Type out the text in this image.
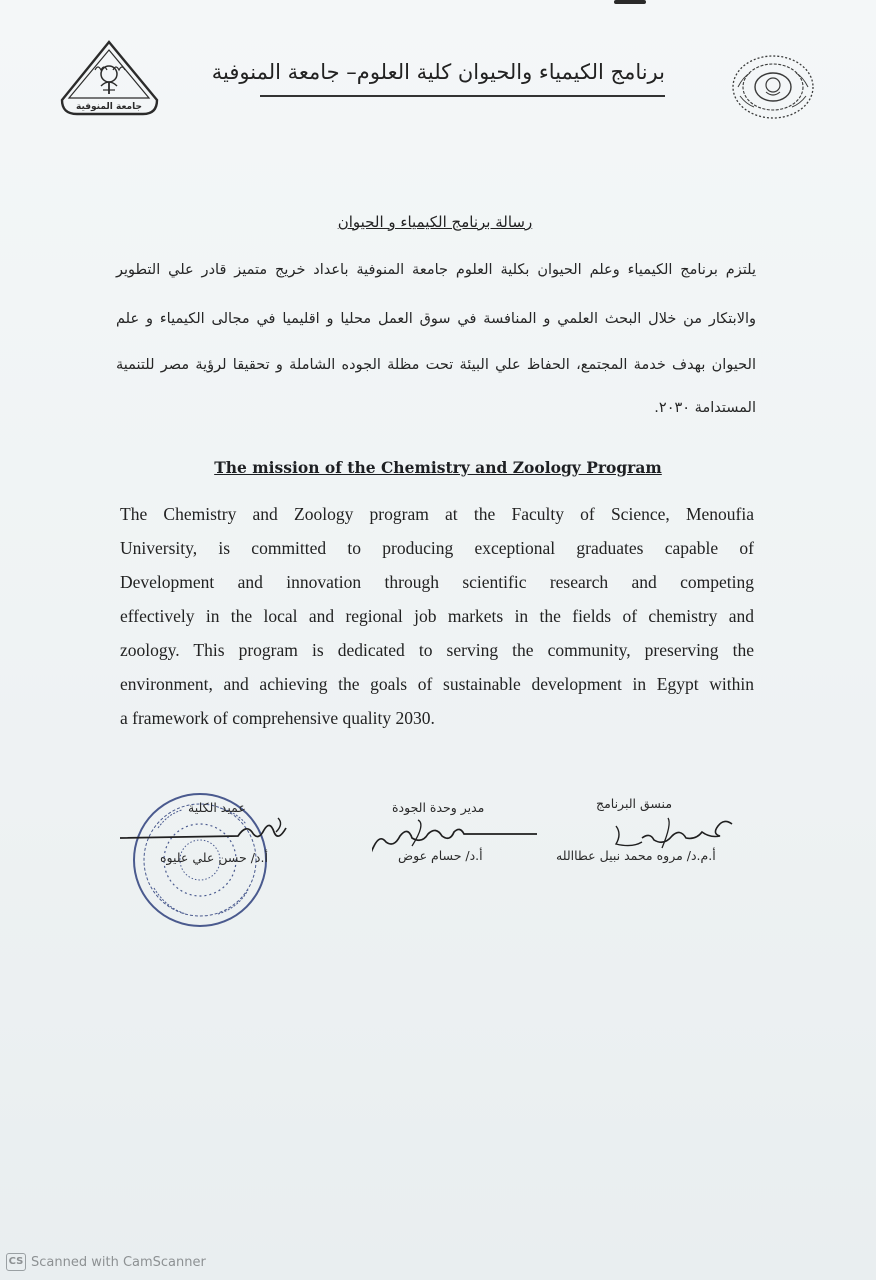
جامعة المنوفية
برنامج الكيمياء والحيوان كلية العلوم– جامعة المنوفية
رسالة برنامج الكيمياء و الحيوان
يلتزم برنامج الكيمياء وعلم الحيوان بكلية العلوم جامعة المنوفية باعداد خريج متميز قادر علي التطوير
والابتكار من خلال البحث العلمي و المنافسة في سوق العمل محليا و اقليميا في مجالى الكيمياء و علم
الحيوان بهدف خدمة المجتمع، الحفاظ علي البيئة تحت مظلة الجوده الشاملة و تحقيقا لرؤية مصر للتنمية
المستدامة ٢٠٣٠.
The mission of the Chemistry and Zoology Program
The Chemistry and Zoology program at the Faculty of Science, Menoufia
University, is committed to producing exceptional graduates capable of
Development and innovation through scientific research and competing
effectively in the local and regional job markets in the fields of chemistry and
zoology. This program is dedicated to serving the community, preserving the
environment, and achieving the goals of sustainable development in Egypt within
a framework of comprehensive quality 2030.
منسق البرنامج
أ.م.د/ مروه محمد نبيل عطاالله
مدير وحدة الجودة
أ.د/ حسام عوض
عميد الكلية
أ.د/ حسن علي عليوه
CS Scanned with CamScanner
